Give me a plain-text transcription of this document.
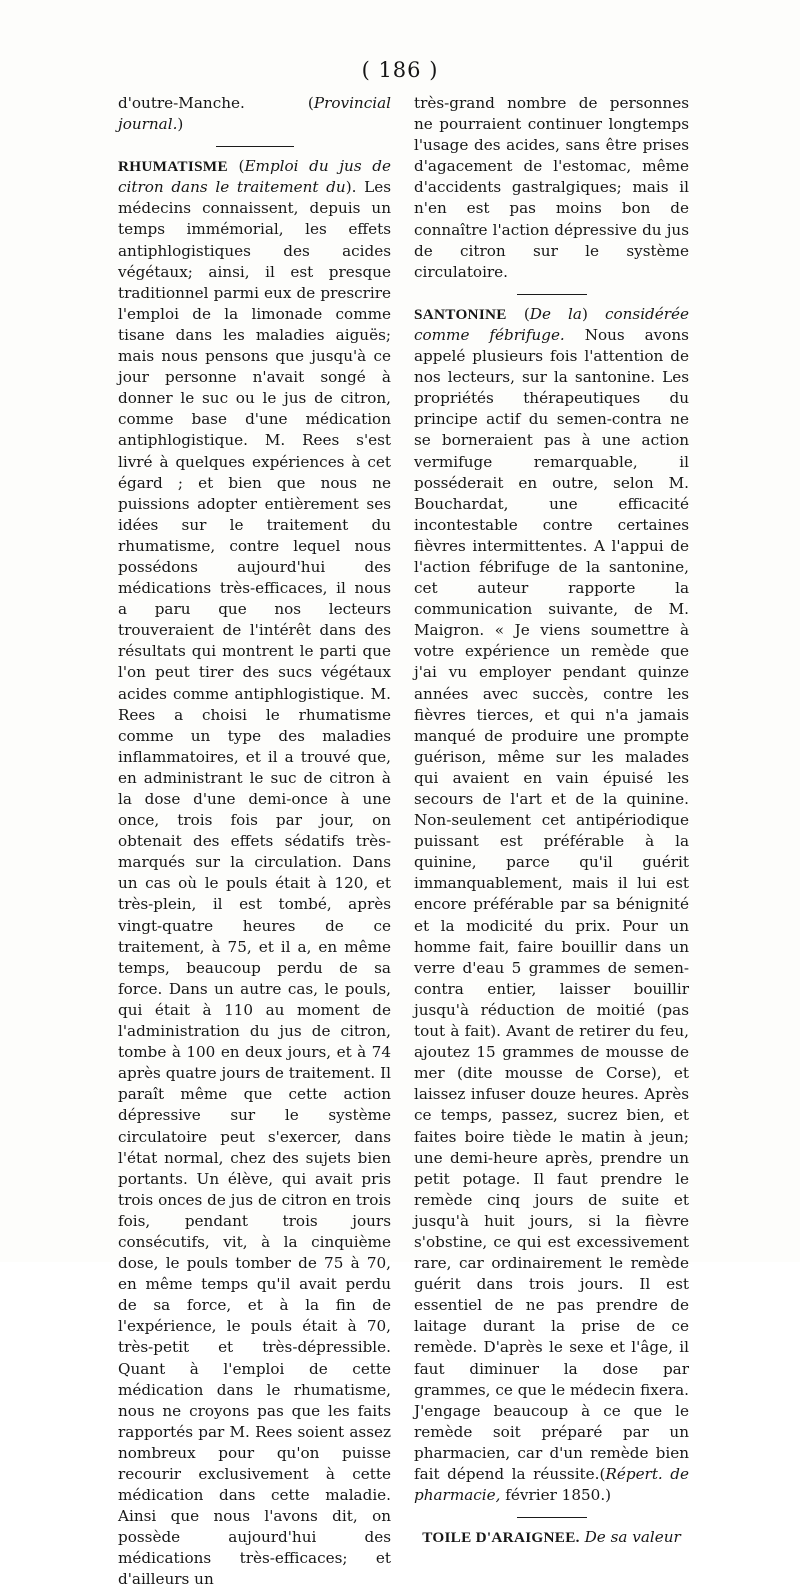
( 186 )

d'outre-Manche. (Provincial journal.)

RHUMATISME (Emploi du jus de citron dans le traitement du). Les médecins connaissent, depuis un temps immémorial, les effets antiphlogistiques des acides végétaux; ainsi, il est presque traditionnel parmi eux de prescrire l'emploi de la limonade comme tisane dans les maladies aiguës; mais nous pensons que jusqu'à ce jour personne n'avait songé à donner le suc ou le jus de citron, comme base d'une médication antiphlogistique. M. Rees s'est livré à quelques expériences à cet égard ; et bien que nous ne puissions adopter entièrement ses idées sur le traitement du rhumatisme, contre lequel nous possédons aujourd'hui des médications très-efficaces, il nous a paru que nos lecteurs trouveraient de l'intérêt dans des résultats qui montrent le parti que l'on peut tirer des sucs végétaux acides comme antiphlogistique. M. Rees a choisi le rhumatisme comme un type des maladies inflammatoires, et il a trouvé que, en administrant le suc de citron à la dose d'une demi-once à une once, trois fois par jour, on obtenait des effets sédatifs très-marqués sur la circulation. Dans un cas où le pouls était à 120, et très-plein, il est tombé, après vingt-quatre heures de ce traitement, à 75, et il a, en même temps, beaucoup perdu de sa force. Dans un autre cas, le pouls, qui était à 110 au moment de l'administration du jus de citron, tombe à 100 en deux jours, et à 74 après quatre jours de traitement. Il paraît même que cette action dépressive sur le système circulatoire peut s'exercer, dans l'état normal, chez des sujets bien portants. Un élève, qui avait pris trois onces de jus de citron en trois fois, pendant trois jours consécutifs, vit, à la cinquième dose, le pouls tomber de 75 à 70, en même temps qu'il avait perdu de sa force, et à la fin de l'expérience, le pouls était à 70, très-petit et très-dépressible. Quant à l'emploi de cette médication dans le rhumatisme, nous ne croyons pas que les faits rapportés par M. Rees soient assez nombreux pour qu'on puisse recourir exclusivement à cette médication dans cette maladie. Ainsi que nous l'avons dit, on possède aujourd'hui des médications très-efficaces; et d'ailleurs un

très-grand nombre de personnes ne pourraient continuer longtemps l'usage des acides, sans être prises d'agacement de l'estomac, même d'accidents gastralgiques; mais il n'en est pas moins bon de connaître l'action dépressive du jus de citron sur le système circulatoire.

SANTONINE (De la) considérée comme fébrifuge. Nous avons appelé plusieurs fois l'attention de nos lecteurs, sur la santonine. Les propriétés thérapeutiques du principe actif du semen-contra ne se borneraient pas à une action vermifuge remarquable, il posséderait en outre, selon M. Bouchardat, une efficacité incontestable contre certaines fièvres intermittentes. A l'appui de l'action fébrifuge de la santonine, cet auteur rapporte la communication suivante, de M. Maigron. « Je viens soumettre à votre expérience un remède que j'ai vu employer pendant quinze années avec succès, contre les fièvres tierces, et qui n'a jamais manqué de produire une prompte guérison, même sur les malades qui avaient en vain épuisé les secours de l'art et de la quinine. Non-seulement cet antipériodique puissant est préférable à la quinine, parce qu'il guérit immanquablement, mais il lui est encore préférable par sa bénignité et la modicité du prix. Pour un homme fait, faire bouillir dans un verre d'eau 5 grammes de semen-contra entier, laisser bouillir jusqu'à réduction de moitié (pas tout à fait). Avant de retirer du feu, ajoutez 15 grammes de mousse de mer (dite mousse de Corse), et laissez infuser douze heures. Après ce temps, passez, sucrez bien, et faites boire tiède le matin à jeun; une demi-heure après, prendre un petit potage. Il faut prendre le remède cinq jours de suite et jusqu'à huit jours, si la fièvre s'obstine, ce qui est excessivement rare, car ordinairement le remède guérit dans trois jours. Il est essentiel de ne pas prendre de laitage durant la prise de ce remède. D'après le sexe et l'âge, il faut diminuer la dose par grammes, ce que le médecin fixera. J'engage beaucoup à ce que le remède soit préparé par un pharmacien, car d'un remède bien fait dépend la réussite.(Répert. de pharmacie, février 1850.)

TOILE D'ARAIGNEE. De sa valeur
